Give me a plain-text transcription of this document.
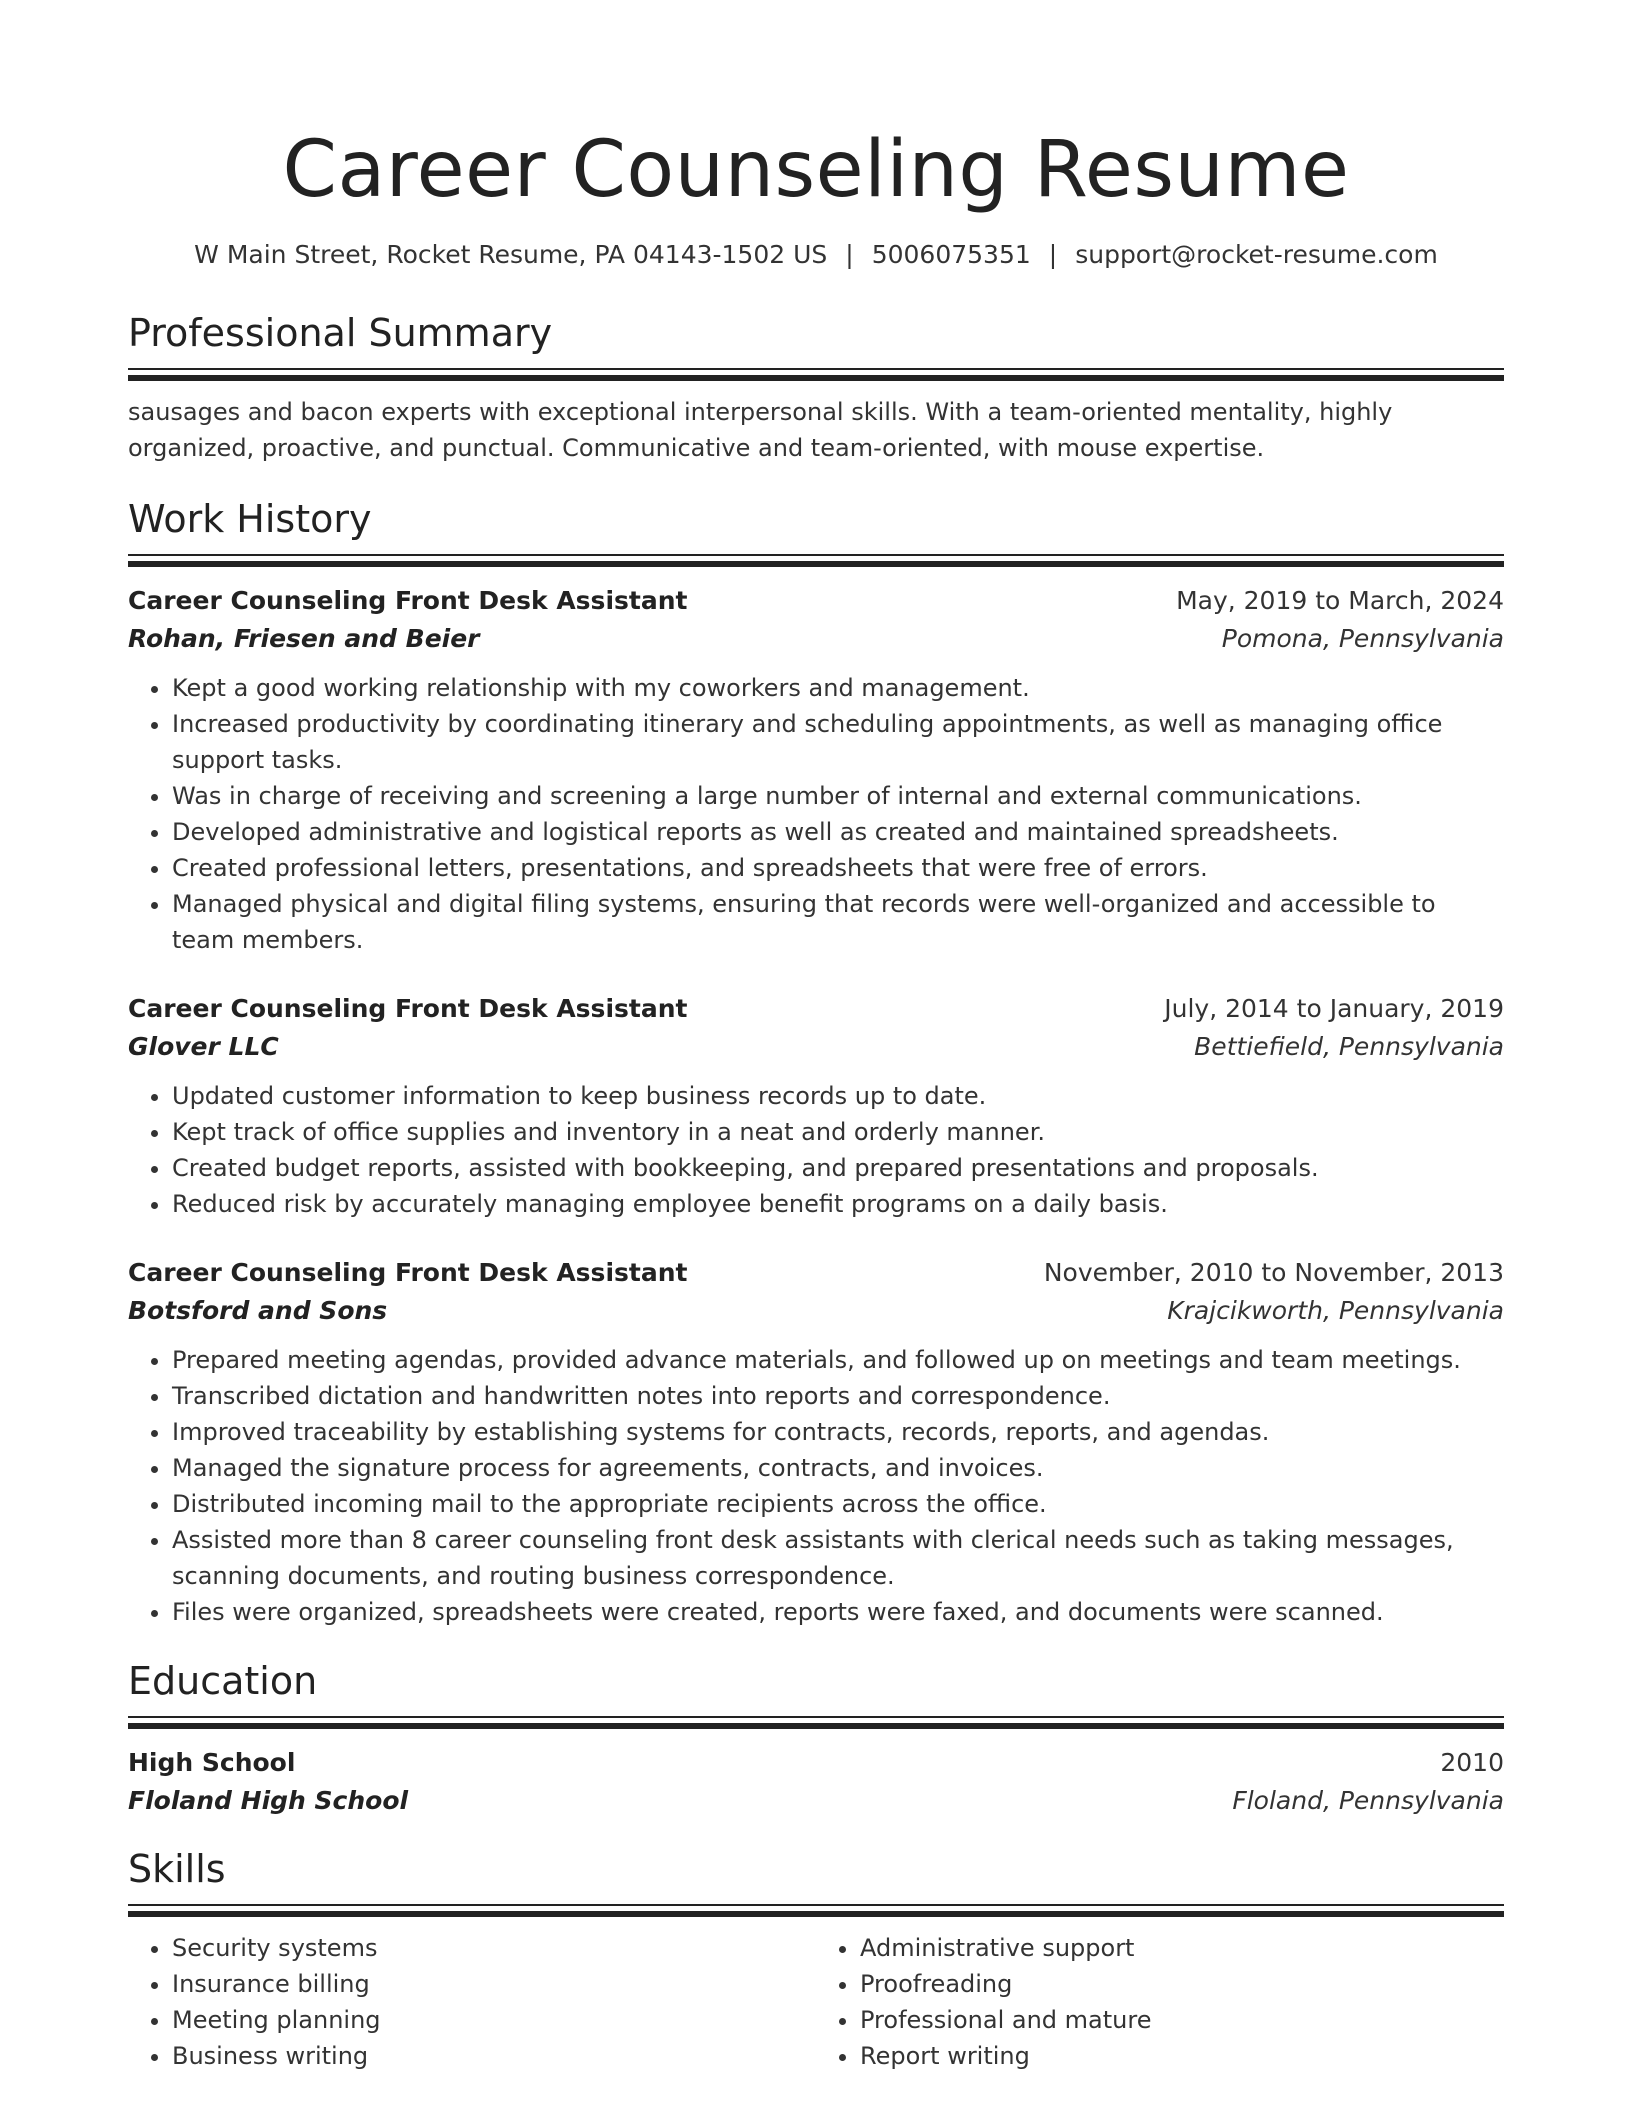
Career Counseling Resume
W Main Street, Rocket Resume, PA 04143-1502 US | 5006075351 | support@rocket-resume.com
Professional Summary
sausages and bacon experts with exceptional interpersonal skills. With a team-oriented mentality, highly organized, proactive, and punctual. Communicative and team-oriented, with mouse expertise.
Work History
Career Counseling Front Desk Assistant	May, 2019 to March, 2024
Rohan, Friesen and Beier	Pomona, Pennsylvania
• Kept a good working relationship with my coworkers and management.
• Increased productivity by coordinating itinerary and scheduling appointments, as well as managing office support tasks.
• Was in charge of receiving and screening a large number of internal and external communications.
• Developed administrative and logistical reports as well as created and maintained spreadsheets.
• Created professional letters, presentations, and spreadsheets that were free of errors.
• Managed physical and digital filing systems, ensuring that records were well-organized and accessible to team members.
Career Counseling Front Desk Assistant	July, 2014 to January, 2019
Glover LLC	Bettiefield, Pennsylvania
• Updated customer information to keep business records up to date.
• Kept track of office supplies and inventory in a neat and orderly manner.
• Created budget reports, assisted with bookkeeping, and prepared presentations and proposals.
• Reduced risk by accurately managing employee benefit programs on a daily basis.
Career Counseling Front Desk Assistant	November, 2010 to November, 2013
Botsford and Sons	Krajcikworth, Pennsylvania
• Prepared meeting agendas, provided advance materials, and followed up on meetings and team meetings.
• Transcribed dictation and handwritten notes into reports and correspondence.
• Improved traceability by establishing systems for contracts, records, reports, and agendas.
• Managed the signature process for agreements, contracts, and invoices.
• Distributed incoming mail to the appropriate recipients across the office.
• Assisted more than 8 career counseling front desk assistants with clerical needs such as taking messages, scanning documents, and routing business correspondence.
• Files were organized, spreadsheets were created, reports were faxed, and documents were scanned.
Education
High School	2010
Floland High School	Floland, Pennsylvania
Skills
• Security systems
• Insurance billing
• Meeting planning
• Business writing
• Administrative support
• Proofreading
• Professional and mature
• Report writing
